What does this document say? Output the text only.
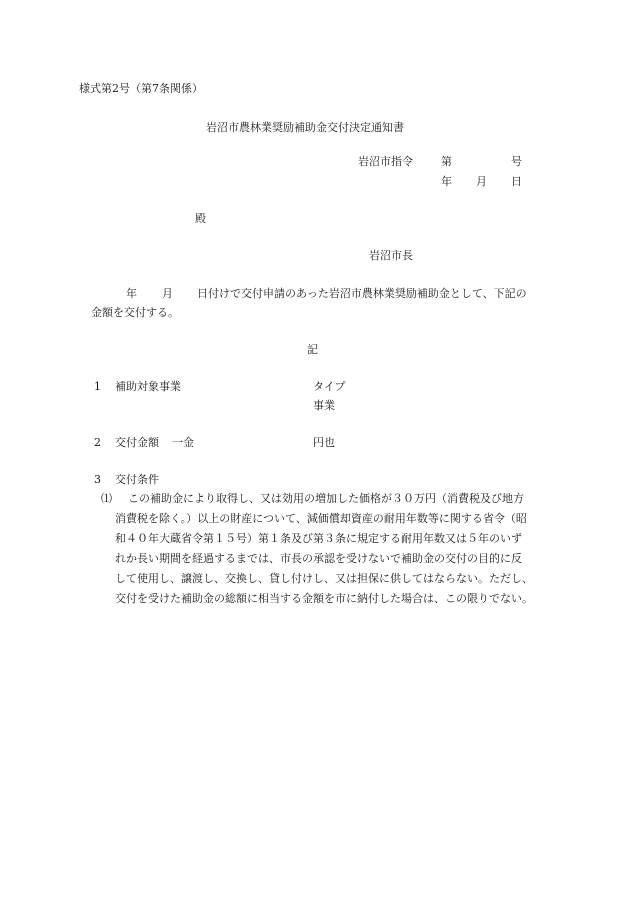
様式第2号（第7条関係）
岩沼市農林業奨励補助金交付決定通知書
岩沼市指令	第	号
年 月 日
殿
岩沼市長
年 月 日付けで交付申請のあった岩沼市農林業奨励補助金として、下記の
金額を交付する。
記
1 補助対象事業	タイプ
事業
2 交付金額 一金	円也
3 交付条件
⑴ この補助金により取得し、又は効用の増加した価格が３０万円（消費税及び地方
消費税を除く。）以上の財産について、減価償却資産の耐用年数等に関する省令（昭
和４０年大蔵省令第１５号）第１条及び第３条に規定する耐用年数又は５年のいず
れか長い期間を経過するまでは、市長の承認を受けないで補助金の交付の目的に反
して使用し、譲渡し、交換し、貸し付けし、又は担保に供してはならない。ただし、
交付を受けた補助金の総額に相当する金額を市に納付した場合は、この限りでない。
